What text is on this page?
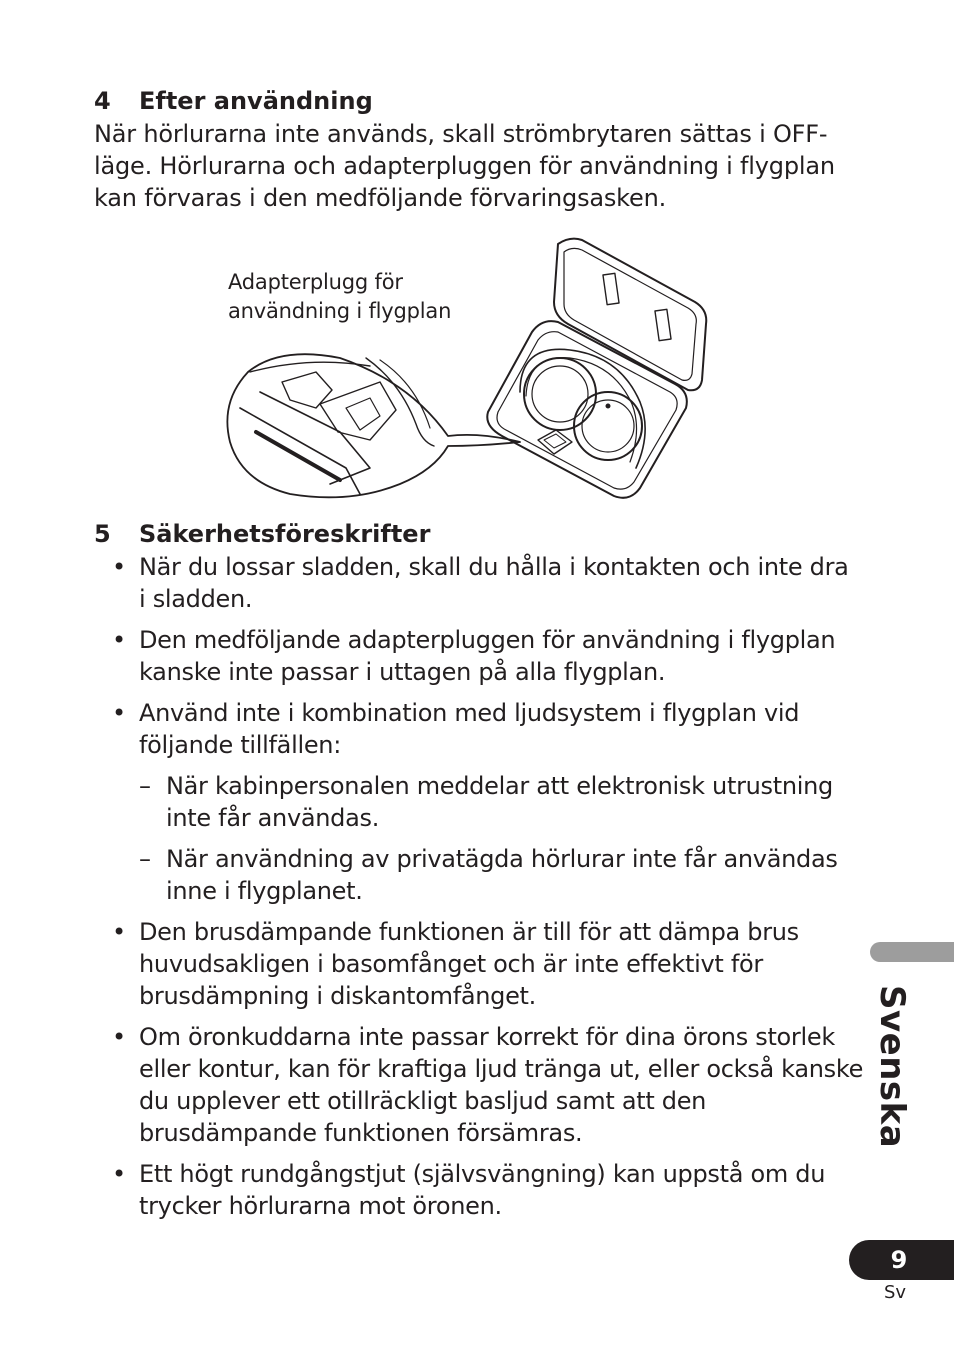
4 Efter användning
När hörlurarna inte används, skall strömbrytaren sättas i OFF-
läge. Hörlurarna och adapterpluggen för användning i flygplan
kan förvaras i den medföljande förvaringsasken.
Adapterplugg för
användning i flygplan
5 Säkerhetsföreskrifter
• När du lossar sladden, skall du hålla i kontakten och inte dra
i sladden.
• Den medföljande adapterpluggen för användning i flygplan
kanske inte passar i uttagen på alla flygplan.
• Använd inte i kombination med ljudsystem i flygplan vid
följande tillfällen:
– När kabinpersonalen meddelar att elektronisk utrustning
inte får användas.
– När användning av privatägda hörlurar inte får användas
inne i flygplanet.
• Den brusdämpande funktionen är till för att dämpa brus
huvudsakligen i basomfånget och är inte effektivt för
brusdämpning i diskantomfånget.
• Om öronkuddarna inte passar korrekt för dina örons storlek
eller kontur, kan för kraftiga ljud tränga ut, eller också kanske
du upplever ett otillräckligt basljud samt att den
brusdämpande funktionen försämras.
• Ett högt rundgångstjut (självsvängning) kan uppstå om du
trycker hörlurarna mot öronen.
Svenska
9
Sv
